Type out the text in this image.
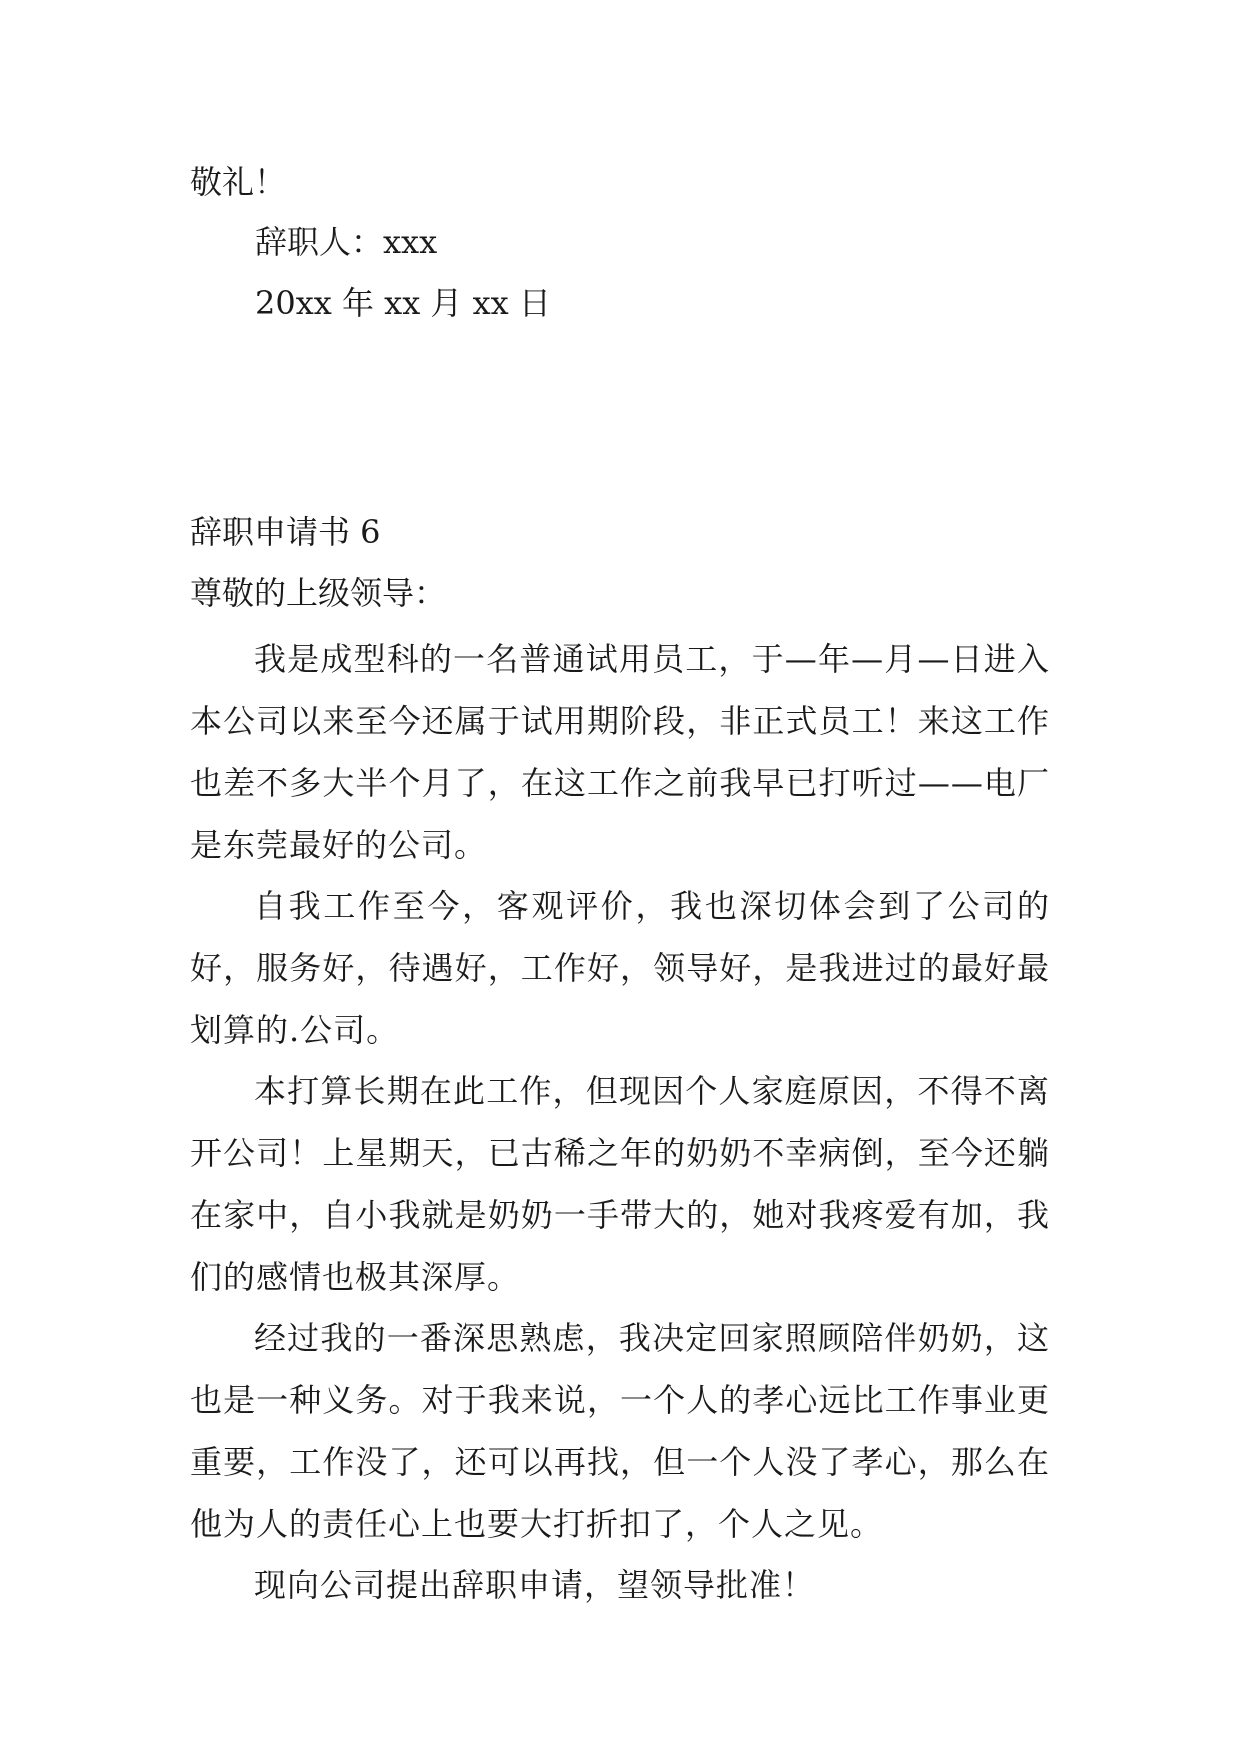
敬礼！

辞职人：xxx

20xx 年 xx 月 xx 日

辞职申请书 6

尊敬的上级领导：

我是成型科的一名普通试用员工，于—年—月—日进入本公司以来至今还属于试用期阶段，非正式员工！来这工作也差不多大半个月了，在这工作之前我早已打听过——电厂是东莞最好的公司。

自我工作至今，客观评价，我也深切体会到了公司的好，服务好，待遇好，工作好，领导好，是我进过的最好最划算的.公司。

本打算长期在此工作，但现因个人家庭原因，不得不离开公司！上星期天，已古稀之年的奶奶不幸病倒，至今还躺在家中，自小我就是奶奶一手带大的，她对我疼爱有加，我们的感情也极其深厚。

经过我的一番深思熟虑，我决定回家照顾陪伴奶奶，这也是一种义务。对于我来说，一个人的孝心远比工作事业更重要，工作没了，还可以再找，但一个人没了孝心，那么在他为人的责任心上也要大打折扣了，个人之见。

现向公司提出辞职申请，望领导批准！
